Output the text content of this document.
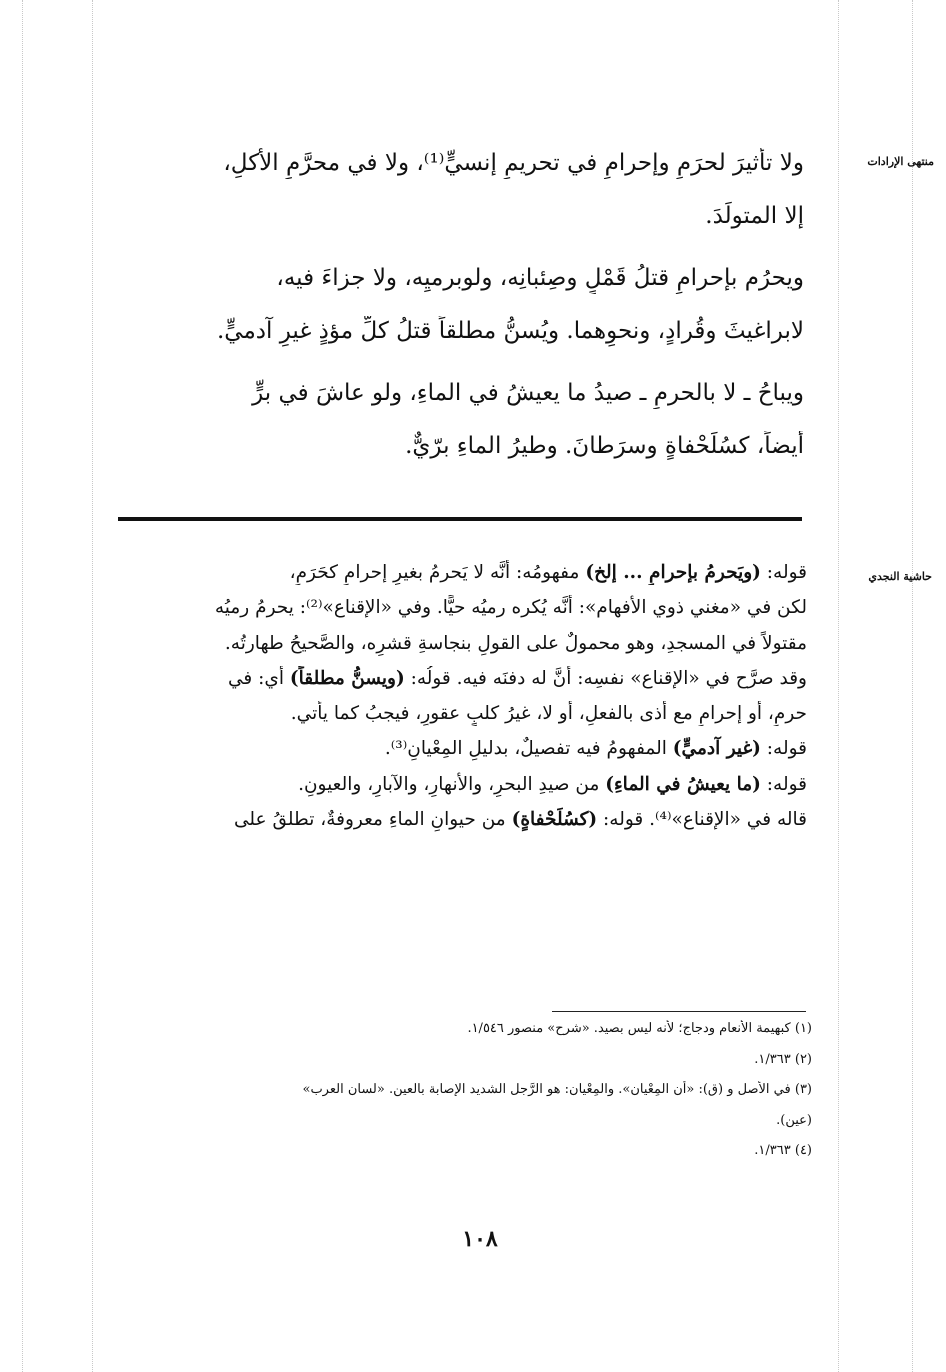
منتهى الإرادات
حاشية النجدي
ولا تأثيرَ لحرَمٍ وإحرامٍ في تحريمِ إنسيٍّ⁽¹⁾، ولا في محرَّمِ الأكلِ،
إلا المتولِّدَ.
ويحرُم بإحرامٍ قتلُ قَمْلٍ وصِئبانِه، ولوبرميِه، ولا جزاءَ فيه،
لابراغيثَ وقُرادٍ، ونحوِهما. ويُسنُّ مطلقاً قتلُ كلِّ مؤذٍ غيرِ آدميٍّ.
ويباحُ ـ لا بالحرمِ ـ صيدُ ما يعيشُ في الماءِ، ولو عاشَ في برٍّ
أيضاً، كسُلَحْفاةٍ وسرَطانَ. وطيرُ الماءِ برّيٌّ.
قوله: (ويَحرمُ بإحرامٍ ... إلخ) مفهومُه: أنَّه لا يَحرمُ بغيرِ إحرامٍ كحَرَمٍ،
لكن في «مغني ذوي الأفهام»: أنَّه يُكره رميُه حيًّا. وفي «الإقناع»⁽²⁾: يحرمُ رميُه
مقتولاً في المسجدِ، وهو محمولٌ على القولِ بنجاسةِ قشرِه، والصَّحيحُ طهارتُه.
وقد صرَّح في «الإقناع» نفسِه: أنَّ له دفنَه فيه. قولُه: (ويسنُّ مطلقاً) أي: في
حرمٍ، أو إحرامٍ مع أذى بالفعلِ، أو لا، غيرُ كلبٍ عقورٍ، فيجبُ كما يأتي.
قوله: (غير آدميٍّ) المفهومُ فيه تفصيلٌ، بدليلِ المِعْيانِ⁽³⁾.
قوله: (ما يعيشُ في الماءِ) من صيدِ البحرِ، والأنهارِ، والآبارِ، والعيونِ.
قاله في «الإقناع»⁽⁴⁾. قوله: (كسُلَحْفاةٍ) من حيوانِ الماءِ معروفةٌ، تطلقُ على
(١) كبهيمة الأنعام ودجاج؛ لأنه ليس بصيد. «شرح» منصور ١/٥٤٦.
(٢) ١/٣٦٣.
(٣) في الأصل و (ق): «أن المِعْيان». والمِعْيان: هو الرَّجل الشديد الإصابة بالعين. «لسان العرب»
(عين).
(٤) ١/٣٦٣.
١٠٨
